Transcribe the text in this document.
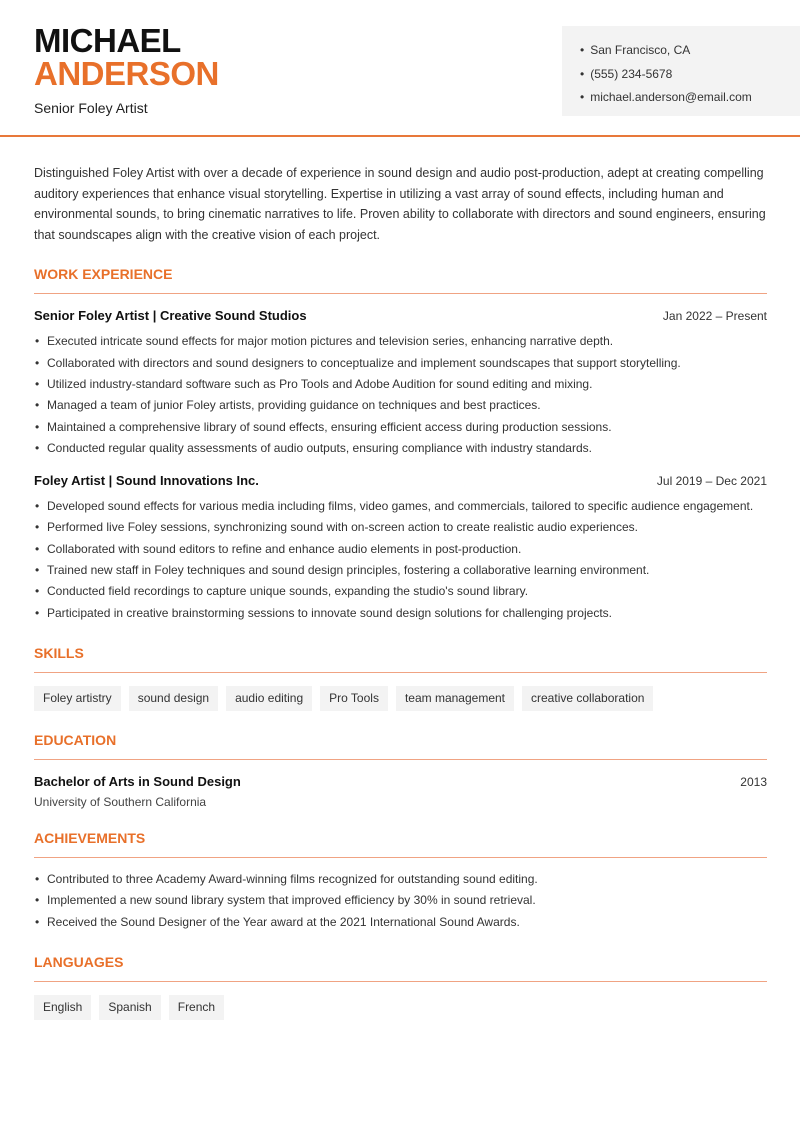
MICHAEL
ANDERSON
Senior Foley Artist
• San Francisco, CA
• (555) 234-5678
• michael.anderson@email.com

Distinguished Foley Artist with over a decade of experience in sound design and audio post-production, adept at creating compelling auditory experiences that enhance visual storytelling. Expertise in utilizing a vast array of sound effects, including human and environmental sounds, to bring cinematic narratives to life. Proven ability to collaborate with directors and sound engineers, ensuring that soundscapes align with the creative vision of each project.

WORK EXPERIENCE
Senior Foley Artist | Creative Sound Studios	Jan 2022 – Present
• Executed intricate sound effects for major motion pictures and television series, enhancing narrative depth.
• Collaborated with directors and sound designers to conceptualize and implement soundscapes that support storytelling.
• Utilized industry-standard software such as Pro Tools and Adobe Audition for sound editing and mixing.
• Managed a team of junior Foley artists, providing guidance on techniques and best practices.
• Maintained a comprehensive library of sound effects, ensuring efficient access during production sessions.
• Conducted regular quality assessments of audio outputs, ensuring compliance with industry standards.
Foley Artist | Sound Innovations Inc.	Jul 2019 – Dec 2021
• Developed sound effects for various media including films, video games, and commercials, tailored to specific audience engagement.
• Performed live Foley sessions, synchronizing sound with on-screen action to create realistic audio experiences.
• Collaborated with sound editors to refine and enhance audio elements in post-production.
• Trained new staff in Foley techniques and sound design principles, fostering a collaborative learning environment.
• Conducted field recordings to capture unique sounds, expanding the studio's sound library.
• Participated in creative brainstorming sessions to innovate sound design solutions for challenging projects.
SKILLS
Foley artistry	sound design	audio editing	Pro Tools	team management	creative collaboration
EDUCATION
Bachelor of Arts in Sound Design	2013
University of Southern California
ACHIEVEMENTS
• Contributed to three Academy Award-winning films recognized for outstanding sound editing.
• Implemented a new sound library system that improved efficiency by 30% in sound retrieval.
• Received the Sound Designer of the Year award at the 2021 International Sound Awards.
LANGUAGES
English	Spanish	French
